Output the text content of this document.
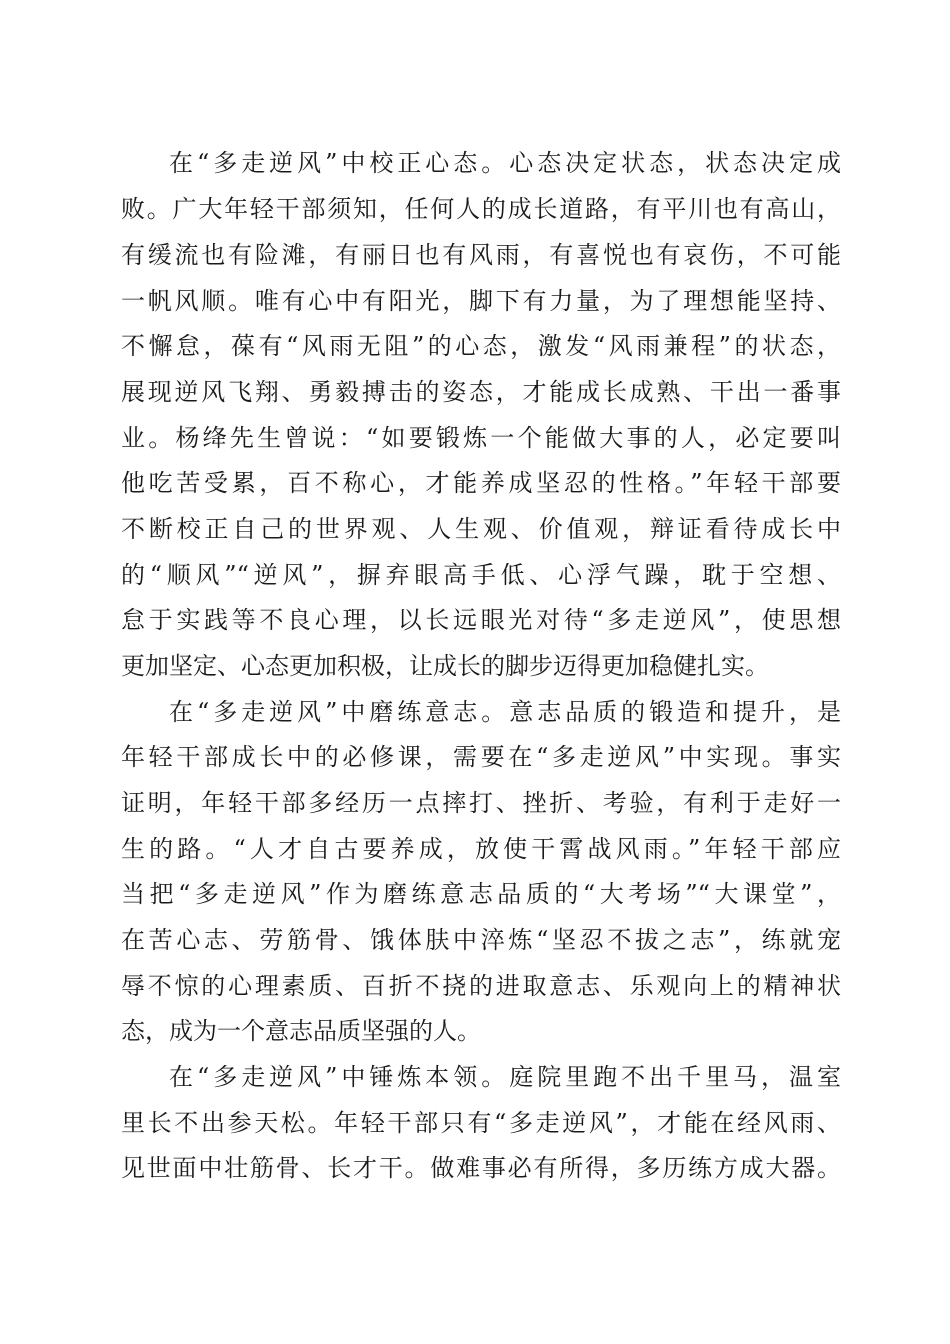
在“多走逆风”中校正心态。心态决定状态，状态决定成
败。广大年轻干部须知，任何人的成长道路，有平川也有高山，
有缓流也有险滩，有丽日也有风雨，有喜悦也有哀伤，不可能
一帆风顺。唯有心中有阳光，脚下有力量，为了理想能坚持、
不懈怠，葆有“风雨无阻”的心态，激发“风雨兼程”的状态，
展现逆风飞翔、勇毅搏击的姿态，才能成长成熟、干出一番事
业。杨绛先生曾说：“如要锻炼一个能做大事的人，必定要叫
他吃苦受累，百不称心，才能养成坚忍的性格。”年轻干部要
不断校正自己的世界观、人生观、价值观，辩证看待成长中
的“顺风”“逆风”，摒弃眼高手低、心浮气躁，耽于空想、
怠于实践等不良心理，以长远眼光对待“多走逆风”，使思想
更加坚定、心态更加积极，让成长的脚步迈得更加稳健扎实。
在“多走逆风”中磨练意志。意志品质的锻造和提升，是
年轻干部成长中的必修课，需要在“多走逆风”中实现。事实
证明，年轻干部多经历一点摔打、挫折、考验，有利于走好一
生的路。“人才自古要养成，放使干霄战风雨。”年轻干部应
当把“多走逆风”作为磨练意志品质的“大考场”“大课堂”，
在苦心志、劳筋骨、饿体肤中淬炼“坚忍不拔之志”，练就宠
辱不惊的心理素质、百折不挠的进取意志、乐观向上的精神状
态，成为一个意志品质坚强的人。
在“多走逆风”中锤炼本领。庭院里跑不出千里马，温室
里长不出参天松。年轻干部只有“多走逆风”，才能在经风雨、
见世面中壮筋骨、长才干。做难事必有所得，多历练方成大器。
